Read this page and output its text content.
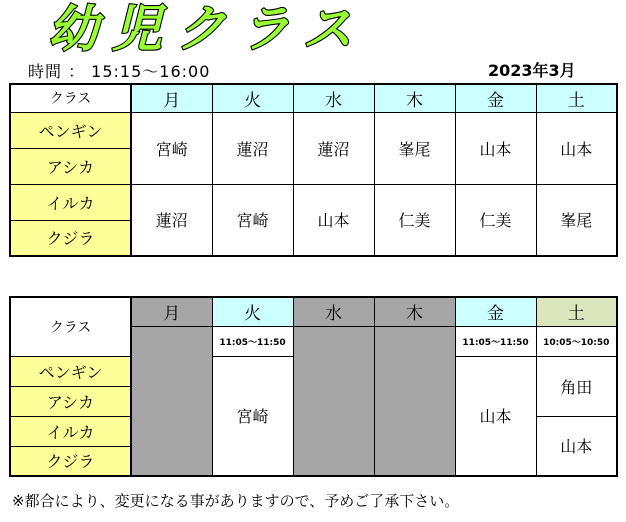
幼児クラス
時間 ： 15:15～16:00	2023年3月
クラス	月	火	水	木	金	土
ペンギン	宮崎	蓮沼	蓮沼	峯尾	山本	山本
アシカ						
イルカ	蓮沼	宮崎	山本	仁美	仁美	峯尾
クジラ						
クラス	月	火	水	木	金	土
		11:05～11:50			11:05～11:50	10:05～10:50
ペンギン		宮崎			山本	角田
アシカ						
イルカ						山本
クジラ						
※都合により、変更になる事がありますので、予めご了承下さい。
